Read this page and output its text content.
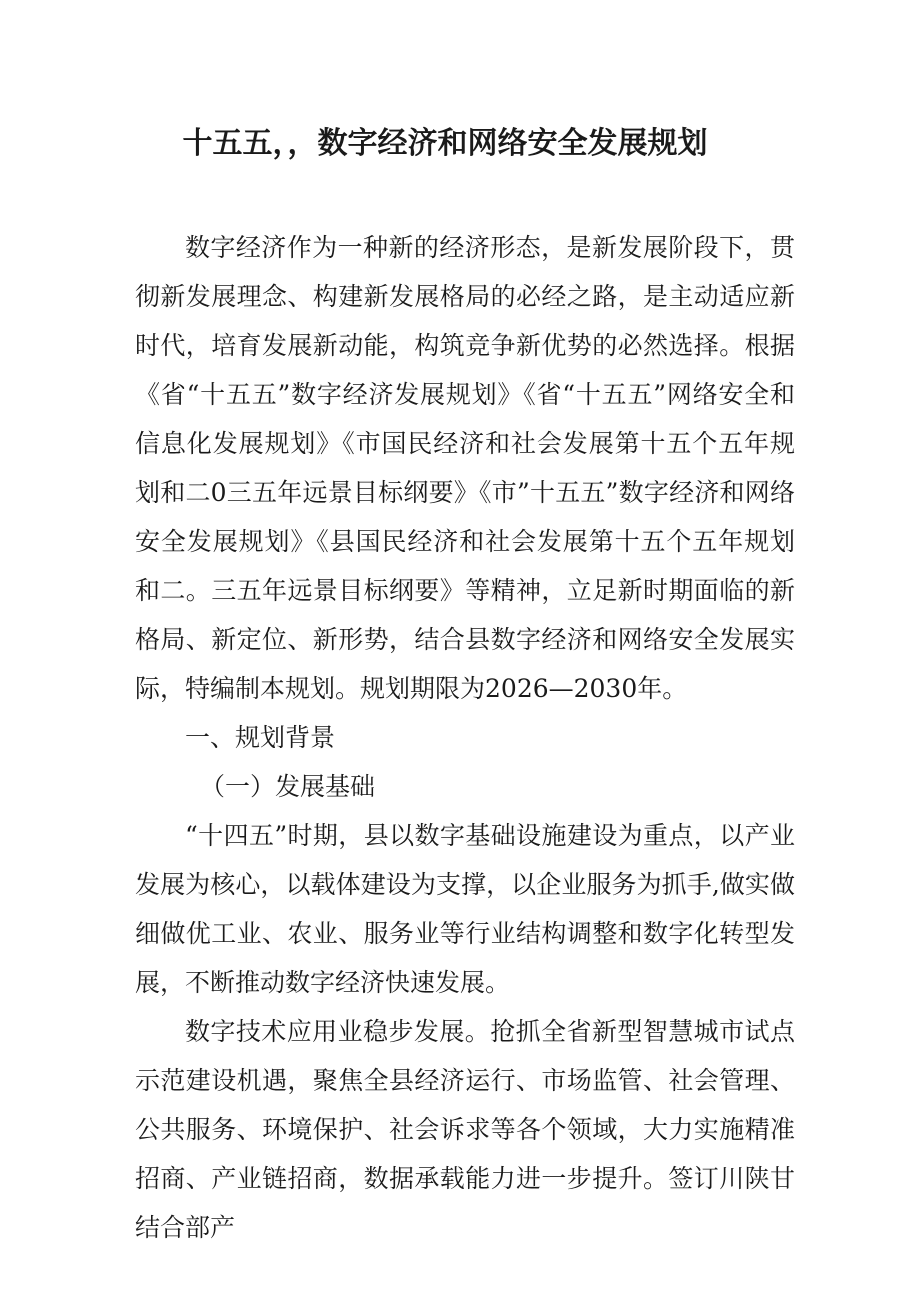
十五五，，数字经济和网络安全发展规划

数字经济作为一种新的经济形态，是新发展阶段下，贯彻新发展理念、构建新发展格局的必经之路，是主动适应新时代，培育发展新动能，构筑竞争新优势的必然选择。根据《省“十五五”数字经济发展规划》《省“十五五”网络安全和信息化发展规划》《市国民经济和社会发展第十五个五年规划和二0三五年远景目标纲要》《市”十五五”数字经济和网络安全发展规划》《县国民经济和社会发展第十五个五年规划和二。三五年远景目标纲要》等精神，立足新时期面临的新格局、新定位、新形势，结合县数字经济和网络安全发展实际，特编制本规划。规划期限为2026—2030年。

一、规划背景

（一）发展基础

“十四五”时期，县以数字基础设施建设为重点，以产业发展为核心，以载体建设为支撑，以企业服务为抓手,做实做细做优工业、农业、服务业等行业结构调整和数字化转型发展，不断推动数字经济快速发展。

数字技术应用业稳步发展。抢抓全省新型智慧城市试点示范建设机遇，聚焦全县经济运行、市场监管、社会管理、公共服务、环境保护、社会诉求等各个领域，大力实施精准招商、产业链招商，数据承载能力进一步提升。签订川陕甘结合部产
